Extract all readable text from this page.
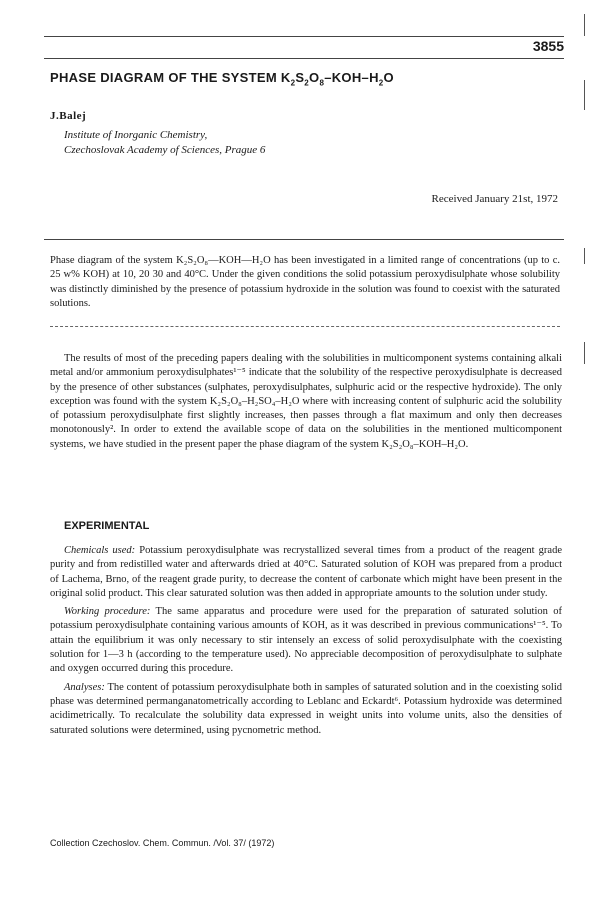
3855
PHASE DIAGRAM OF THE SYSTEM $K_2S_2O_8-KOH-H_2O$
J.Balej
Institute of Inorganic Chemistry,
Czechoslovak Academy of Sciences, Prague 6
Received January 21st, 1972
Phase diagram of the system K₂S₂O₈—KOH—H₂O has been investigated in a limited range of concentrations (up to c. 25 w% KOH) at 10, 20 30 and 40°C. Under the given conditions the solid potassium peroxydisulphate whose solubility was distinctly diminished by the presence of potassium hydroxide in the solution was found to coexist with the saturated solutions.

The results of most of the preceding papers dealing with the solubilities in multicomponent systems containing alkali metal and/or ammonium peroxydisulphates¹⁻⁵ indicate that the solubility of the respective peroxydisulphate is decreased by the presence of other substances (sulphates, peroxydisulphates, sulphuric acid or the respective hydroxide). The only exception was found with the system K₂S₂O₈–H₂SO₄–H₂O where with increasing content of sulphuric acid the solubility of potassium peroxydisulphate first slightly increases, then passes through a flat maximum and only then decreases monotonously². In order to extend the available scope of data on the solubilities in the mentioned multicomponent systems, we have studied in the present paper the phase diagram of the system K₂S₂O₈–KOH–H₂O.

EXPERIMENTAL

Chemicals used: Potassium peroxydisulphate was recrystallized several times from a product of the reagent grade purity and from redistilled water and afterwards dried at 40°C. Saturated solution of KOH was prepared from a product of Lachema, Brno, of the reagent grade purity, to decrease the content of carbonate which might have been present in the original solid product. This clear saturated solution was then added in appropriate amounts to the solution under study.

Working procedure: The same apparatus and procedure were used for the preparation of saturated solution of potassium peroxydisulphate containing various amounts of KOH, as it was described in previous communications¹⁻⁵. To attain the equilibrium it was only necessary to stir intensely an excess of solid peroxydisulphate with the coexisting solution for 1—3 h (according to the temperature used). No appreciable decomposition of peroxydisulphate to sulphate and oxygen occurred during this procedure.

Analyses: The content of potassium peroxydisulphate both in samples of saturated solution and in the coexisting solid phase was determined permanganatometrically according to Leblanc and Eckardt⁶. Potassium hydroxide was determined acidimetrically. To recalculate the solubility data expressed in weight units into volume units, also the densities of saturated solutions were determined, using pycnometric method.

Collection Czechoslov. Chem. Commun. /Vol. 37/ (1972)
